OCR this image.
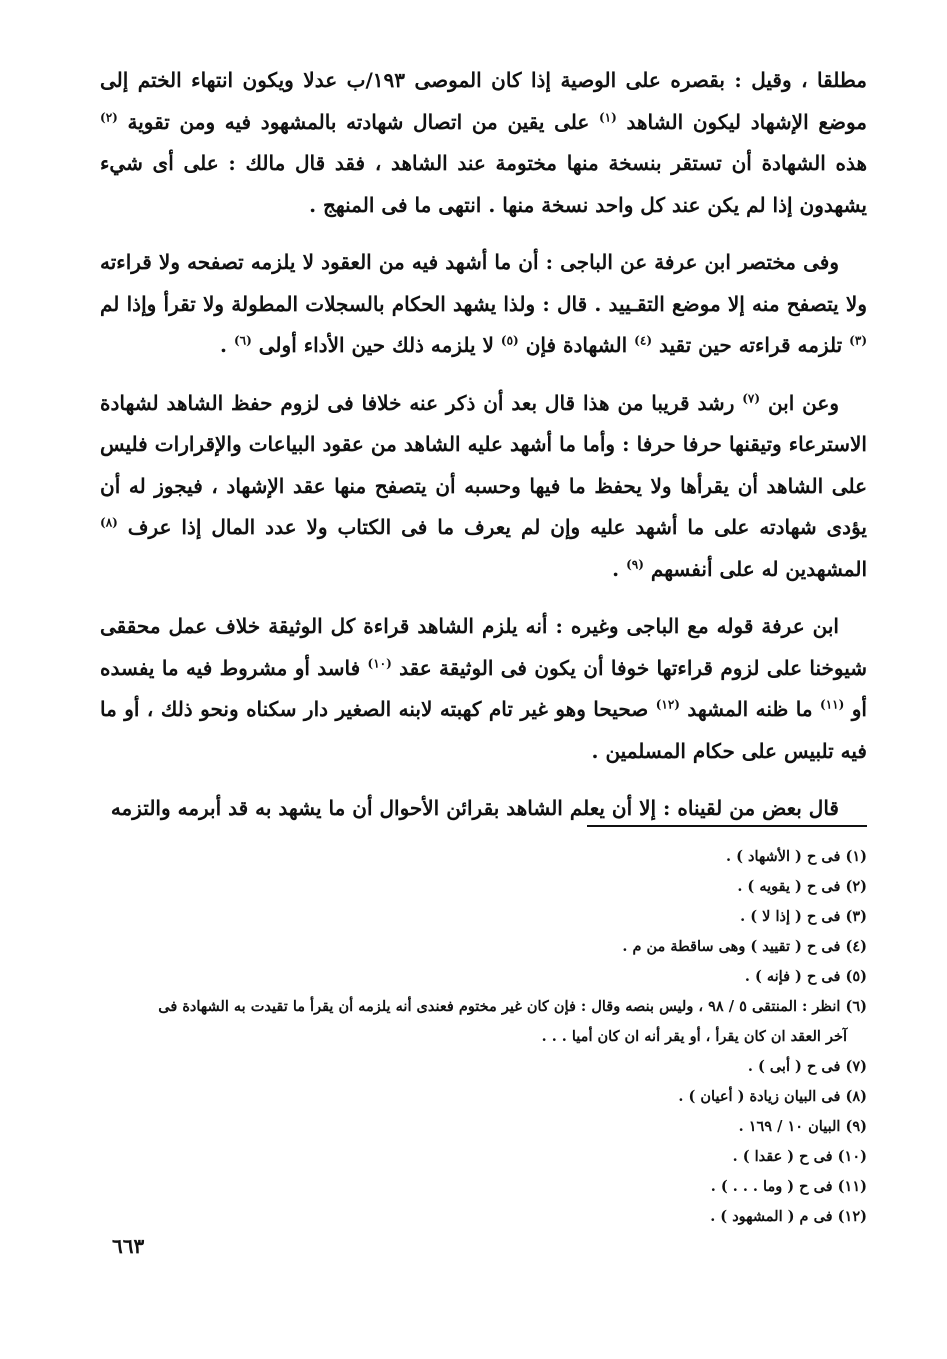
مطلقا ، وقيل : بقصره على الوصية إذا كان الموصى ١٩٣/ب عدلا ويكون انتهاء الختم إلى موضع الإشهاد ليكون الشاهد $^{(١)}$ على يقين من اتصال شهادته بالمشهود فيه ومن تقوية $^{(٢)}$ هذه الشهادة أن تستقر بنسخة منها مختومة عند الشاهد ، فقد قال مالك : على أى شيء يشهدون إذا لم يكن عند كل واحد نسخة منها . انتهى ما فى المنهج .

وفى مختصر ابن عرفة عن الباجى : أن ما أشهد فيه من العقود لا يلزمه تصفحه ولا قراءته ولا يتصفح منه إلا موضع التقـييد . قال : ولذا يشهد الحكام بالسجلات المطولة ولا تقرأ وإذا لم $^{(٣)}$ تلزمه قراءته حين تقيد $^{(٤)}$ الشهادة فإن $^{(٥)}$ لا يلزمه ذلك حين الأداء أولى $^{(٦)}$ .

وعن ابن $^{(٧)}$ رشد قريبا من هذا قال بعد أن ذكر عنه خلافا فى لزوم حفظ الشاهد لشهادة الاسترعاء وتيقنها حرفا حرفا : وأما ما أشهد عليه الشاهد من عقود البياعات والإقرارات فليس على الشاهد أن يقرأها ولا يحفظ ما فيها وحسبه أن يتصفح منها عقد الإشهاد ، فيجوز له أن يؤدى شهادته على ما أشهد عليه وإن لم يعرف ما فى الكتاب ولا عدد المال إذا عرف $^{(٨)}$ المشهدين له على أنفسهم $^{(٩)}$ .

ابن عرفة قوله مع الباجى وغيره : أنه يلزم الشاهد قراءة كل الوثيقة خلاف عمل محققى شيوخنا على لزوم قراءتها خوفا أن يكون فى الوثيقة عقد $^{(١٠)}$ فاسد أو مشروط فيه ما يفسده أو $^{(١١)}$ ما ظنه المشهد $^{(١٢)}$ صحيحا وهو غير تام كهبته لابنه الصغير دار سكناه ونحو ذلك ، أو ما فيه تلبيس على حكام المسلمين .

قال بعض من لقيناه : إلا أن يعلم الشاهد بقرائن الأحوال أن ما يشهد به قد أبرمه والتزمه

(١) فى ح ( الأشهاد ) .
(٢) فى ح ( يقويه ) .
(٣) فى ح ( إذا لا ) .
(٤) فى ح ( تقييد ) وهى ساقطة من م .
(٥) فى ح ( فإنه ) .
(٦) انظر : المنتقى ٥ / ٩٨ ، وليس بنصه وقال : فإن كان غير مختوم فعندى أنه يلزمه أن يقرأ ما تقيدت به الشهادة فى
آخر العقد ان كان يقرأ ، أو يقر أنه ان كان أميا . . .
(٧) فى ح ( أبى ) .
(٨) فى البيان زيادة ( أعيان ) .
(٩) البيان ١٠ / ١٦٩ .
(١٠) فى ح ( عقدا ) .
(١١) فى ح ( وما . . . ) .
(١٢) فى م ( المشهود ) .
٦٦٣
